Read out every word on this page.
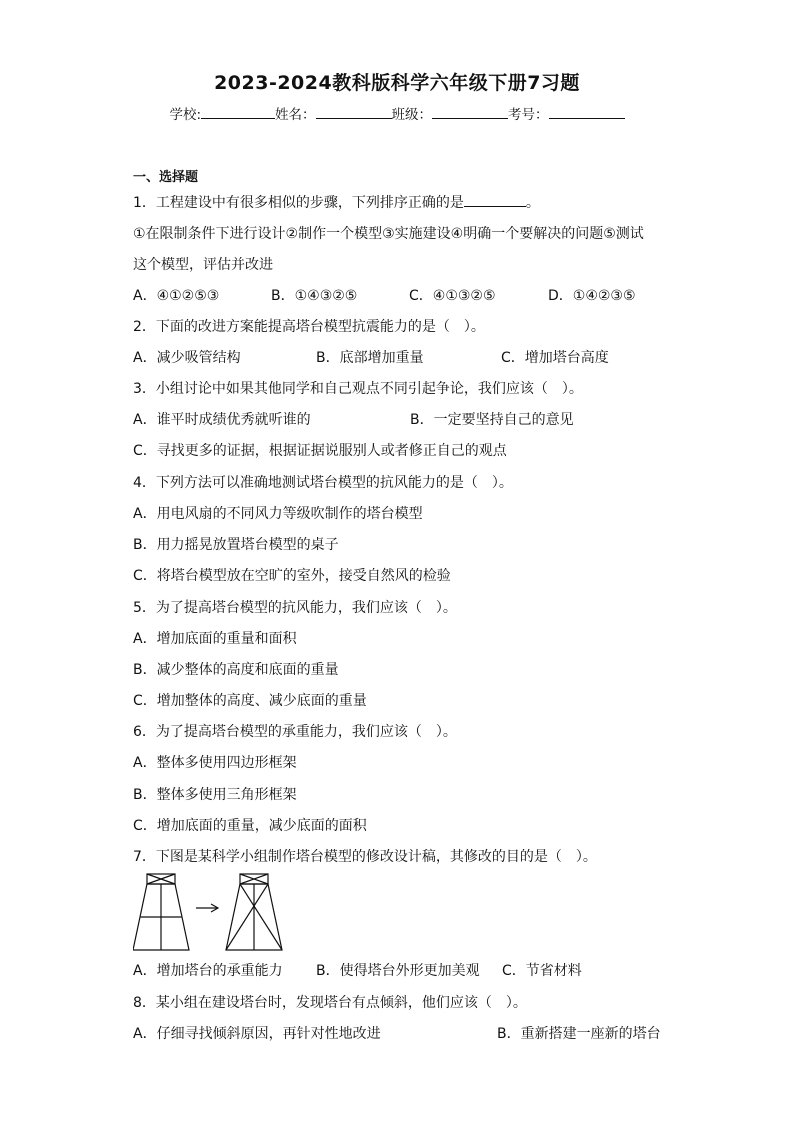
2023-2024教科版科学六年级下册7习题
学校:	姓名：	班级：	考号：
一、选择题
1．工程建设中有很多相似的步骤，下列排序正确的是	。
①在限制条件下进行设计②制作一个模型③实施建设④明确一个要解决的问题⑤测试
这个模型，评估并改进
A．④①②⑤③	B．①④③②⑤	C．④①③②⑤	D．①④②③⑤
2．下面的改进方案能提高塔台模型抗震能力的是（　）。
A．减少吸管结构	B．底部增加重量	C．增加塔台高度
3．小组讨论中如果其他同学和自己观点不同引起争论，我们应该（　）。
A．谁平时成绩优秀就听谁的	B．一定要坚持自己的意见
C．寻找更多的证据，根据证据说服别人或者修正自己的观点
4．下列方法可以准确地测试塔台模型的抗风能力的是（　）。
A．用电风扇的不同风力等级吹制作的塔台模型
B．用力摇晃放置塔台模型的桌子
C．将塔台模型放在空旷的室外，接受自然风的检验
5．为了提高塔台模型的抗风能力，我们应该（　）。
A．增加底面的重量和面积
B．减少整体的高度和底面的重量
C．增加整体的高度、减少底面的重量
6．为了提高塔台模型的承重能力，我们应该（　）。
A．整体多使用四边形框架
B．整体多使用三角形框架
C．增加底面的重量，减少底面的面积
7．下图是某科学小组制作塔台模型的修改设计稿，其修改的目的是（　）。
A．增加塔台的承重能力 B．使得塔台外形更加美观 C．节省材料
8．某小组在建设塔台时，发现塔台有点倾斜，他们应该（　）。
A．仔细寻找倾斜原因，再针对性地改进	B．重新搭建一座新的塔台
